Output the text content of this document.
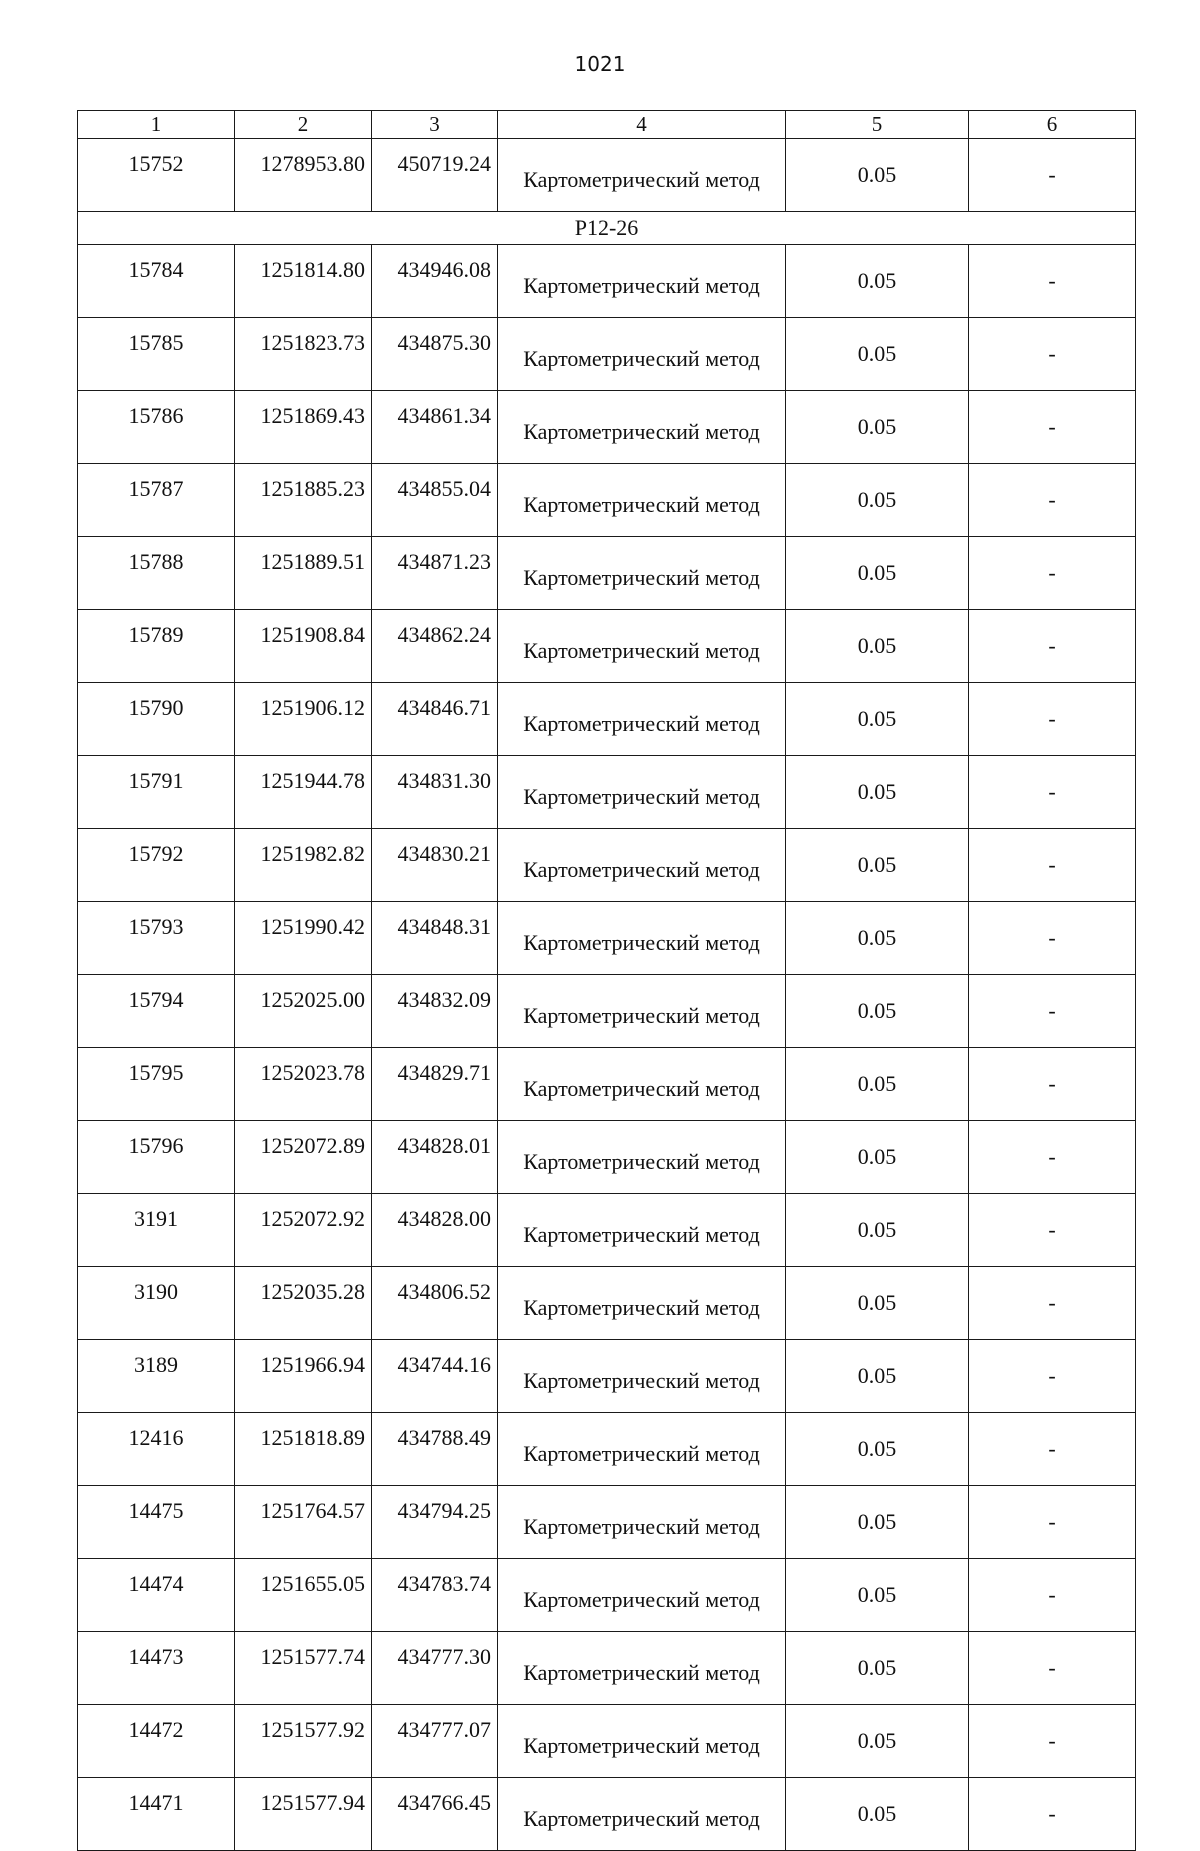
1021
1	2	3	4	5	6
15752	1278953.80	450719.24	Картометрический метод	0.05	-
Р12-26					
15784	1251814.80	434946.08	Картометрический метод	0.05	-
15785	1251823.73	434875.30	Картометрический метод	0.05	-
15786	1251869.43	434861.34	Картометрический метод	0.05	-
15787	1251885.23	434855.04	Картометрический метод	0.05	-
15788	1251889.51	434871.23	Картометрический метод	0.05	-
15789	1251908.84	434862.24	Картометрический метод	0.05	-
15790	1251906.12	434846.71	Картометрический метод	0.05	-
15791	1251944.78	434831.30	Картометрический метод	0.05	-
15792	1251982.82	434830.21	Картометрический метод	0.05	-
15793	1251990.42	434848.31	Картометрический метод	0.05	-
15794	1252025.00	434832.09	Картометрический метод	0.05	-
15795	1252023.78	434829.71	Картометрический метод	0.05	-
15796	1252072.89	434828.01	Картометрический метод	0.05	-
3191	1252072.92	434828.00	Картометрический метод	0.05	-
3190	1252035.28	434806.52	Картометрический метод	0.05	-
3189	1251966.94	434744.16	Картометрический метод	0.05	-
12416	1251818.89	434788.49	Картометрический метод	0.05	-
14475	1251764.57	434794.25	Картометрический метод	0.05	-
14474	1251655.05	434783.74	Картометрический метод	0.05	-
14473	1251577.74	434777.30	Картометрический метод	0.05	-
14472	1251577.92	434777.07	Картометрический метод	0.05	-
14471	1251577.94	434766.45	Картометрический метод	0.05	-
